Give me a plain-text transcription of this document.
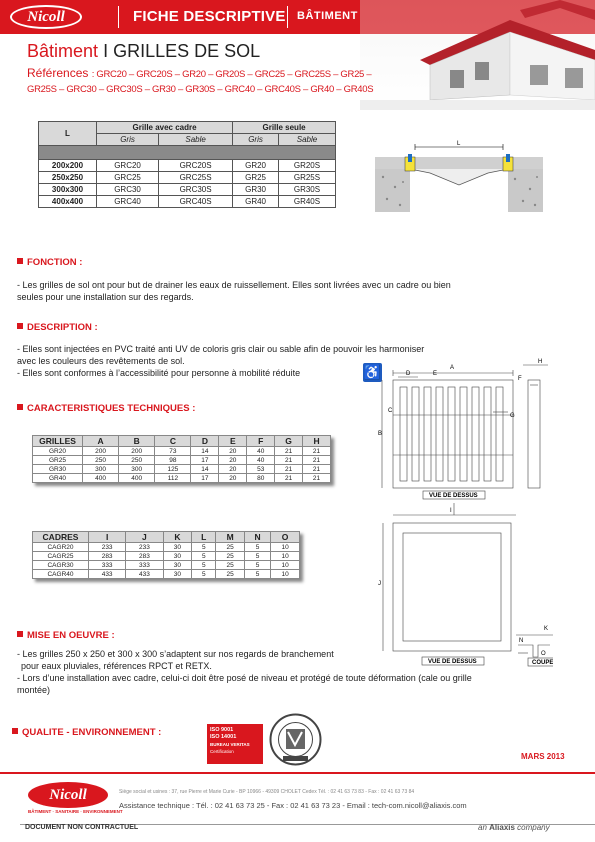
Nicoll	FICHE DESCRIPTIVE BÂTIMENT
Bâtiment I GRILLES DE SOL
Références : GRC20 – GRC20S – GR20 – GR20S – GRC25 – GRC25S – GR25 –
GR25S – GRC30 – GRC30S – GR30 – GR30S – GRC40 – GRC40S – GR40 – GR40S
L	Grille avec cadre		Grille seule	
	Gris	Sable	Gris	Sable

200x200	GRC20	GRC20S	GR20	GR20S
250x250	GRC25	GRC25S	GR25	GR25S
300x300	GRC30	GRC30S	GR30	GR30S
400x400	GRC40	GRC40S	GR40	GR40S
L
FONCTION :
- Les grilles de sol ont pour but de drainer les eaux de ruissellement. Elles sont livrées avec un cadre ou bien
seules pour une installation sur des regards.
DESCRIPTION :
- Elles sont injectées en PVC traité anti UV de coloris gris clair ou sable afin de pouvoir les harmoniser
avec les couleurs des revêtements de sol.
- Elles sont conformes à l’accessibilité pour personne à mobilité réduite	♿
CARACTERISTIQUES TECHNIQUES :
GRILLES	A	B	C	D	E	F	G	H
GR20	200	200	73	14	20	40	21	21
GR25	250	250	98	17	20	40	21	21
GR30	300	300	125	14	20	53	21	21
GR40	400	400	112	17	20	80	21	21
CADRES	I	J	K	L	M	N	O
CAGR20	233	233	30	5	25	5	10
CAGR25	283	283	30	5	25	5	10
CAGR30	333	333	30	5	25	5	10
CAGR40	433	433	30	5	25	5	10
A
D	E
B
C
G
F
H
VUE DE DESSUS
I
J
K
N
O
VUE DE DESSUS	COUPE
MISE EN OEUVRE :
- Les grilles 250 x 250 et 300 x 300 s’adaptent sur nos regards de branchement
pour eaux pluviales, références RPCT et RETX.
- Lors d’une installation avec cadre, celui-ci doit être posé de niveau et protégé de toute déformation (cale ou grille
montée)
QUALITE - ENVIRONNEMENT :	ISO 9001
ISO 14001
BUREAU VERITAS
Certification
MARS 2013
Nicoll
BÂTIMENT · SANITAIRE · ENVIRONNEMENT
Siège social et usines : 37, rue Pierre et Marie Curie - BP 10966 - 49309 CHOLET Cedex Tél. : 02 41 63 73 83 - Fax : 02 41 63 73 84
Assistance technique : Tél. : 02 41 63 73 25 - Fax : 02 41 63 73 23 - Email : tech-com.nicoll@aliaxis.com
DOCUMENT NON CONTRACTUEL	an Aliaxis company
